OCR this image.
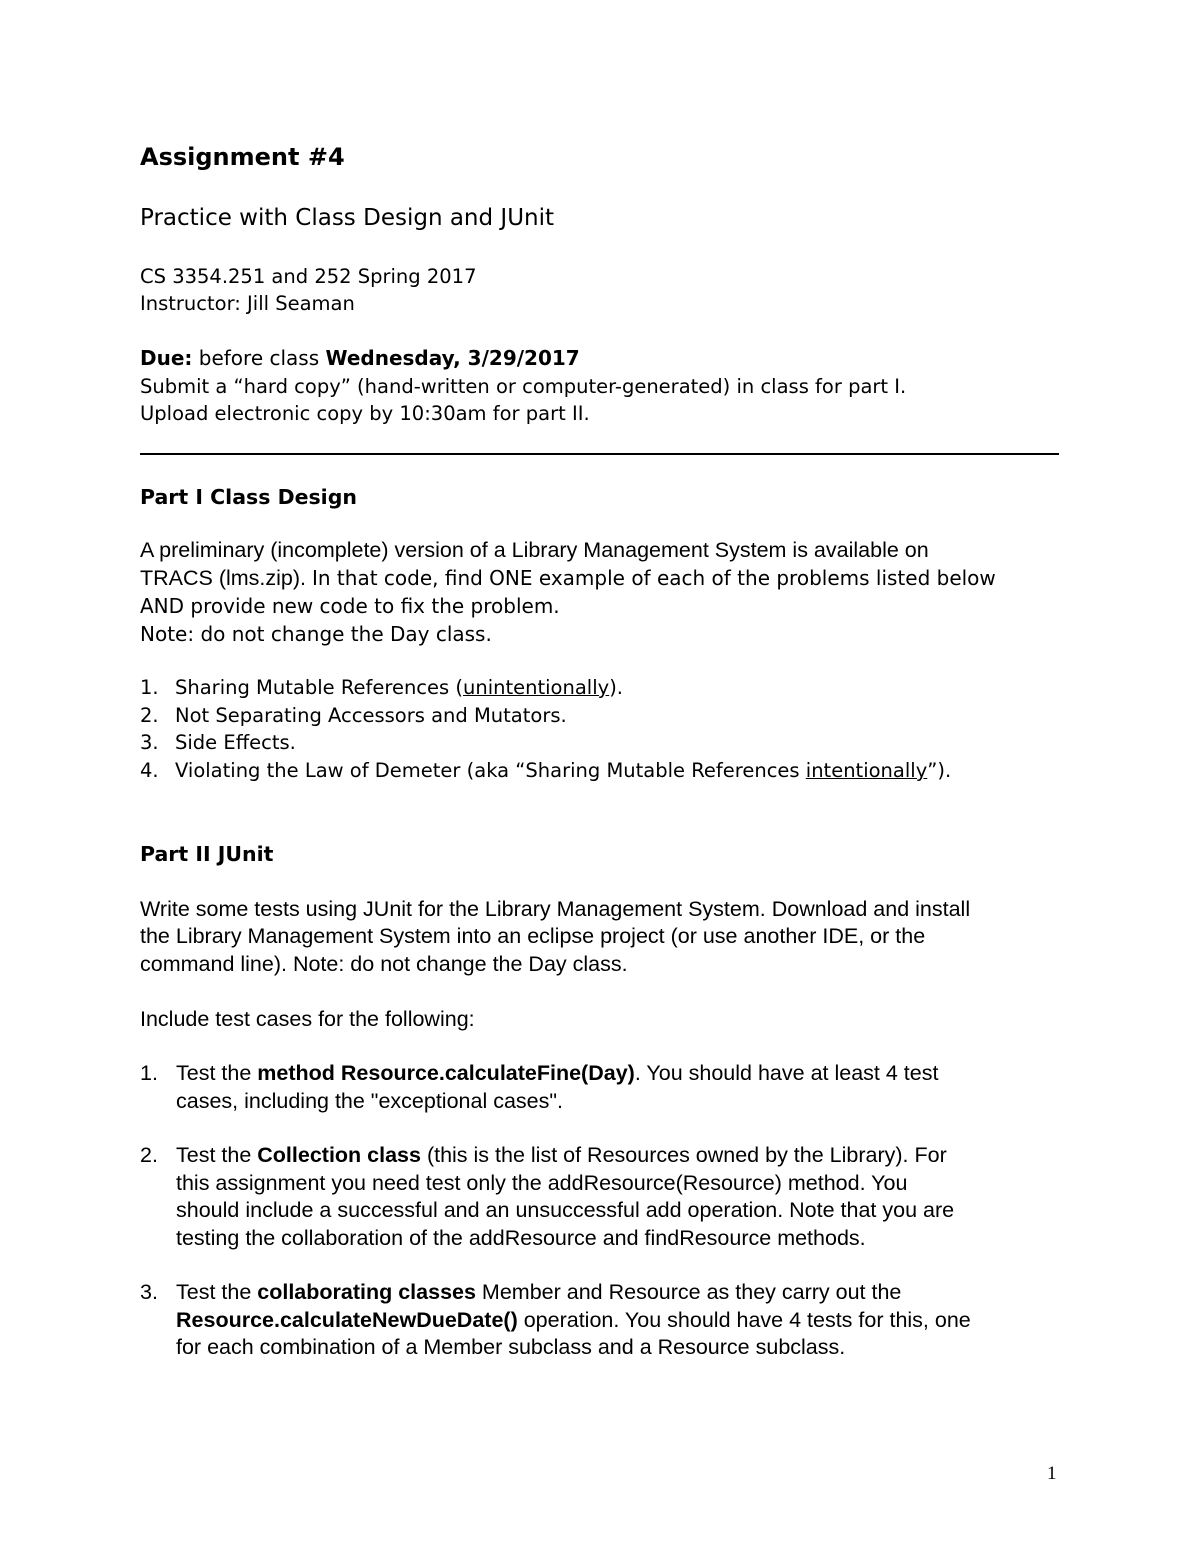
Assignment #4
Practice with Class Design and JUnit
CS 3354.251 and 252 Spring 2017
Instructor: Jill Seaman
Due: before class Wednesday, 3/29/2017
Submit a “hard copy” (hand-written or computer-generated) in class for part I.
Upload electronic copy by 10:30am for part II.
Part I Class Design
A preliminary (incomplete) version of a Library Management System is available on
TRACS (lms.zip). In that code, find ONE example of each of the problems listed below
AND provide new code to fix the problem.
Note: do not change the Day class.
1. Sharing Mutable References (unintentionally).
2. Not Separating Accessors and Mutators.
3. Side Effects.
4. Violating the Law of Demeter (aka “Sharing Mutable References intentionally”).
Part II JUnit
Write some tests using JUnit for the Library Management System. Download and install
the Library Management System into an eclipse project (or use another IDE, or the
command line). Note: do not change the Day class.
Include test cases for the following:
1. Test the method Resource.calculateFine(Day). You should have at least 4 test
cases, including the "exceptional cases".
2. Test the Collection class (this is the list of Resources owned by the Library). For
this assignment you need test only the addResource(Resource) method. You
should include a successful and an unsuccessful add operation. Note that you are
testing the collaboration of the addResource and findResource methods.
3. Test the collaborating classes Member and Resource as they carry out the
Resource.calculateNewDueDate() operation. You should have 4 tests for this, one
for each combination of a Member subclass and a Resource subclass.
1
